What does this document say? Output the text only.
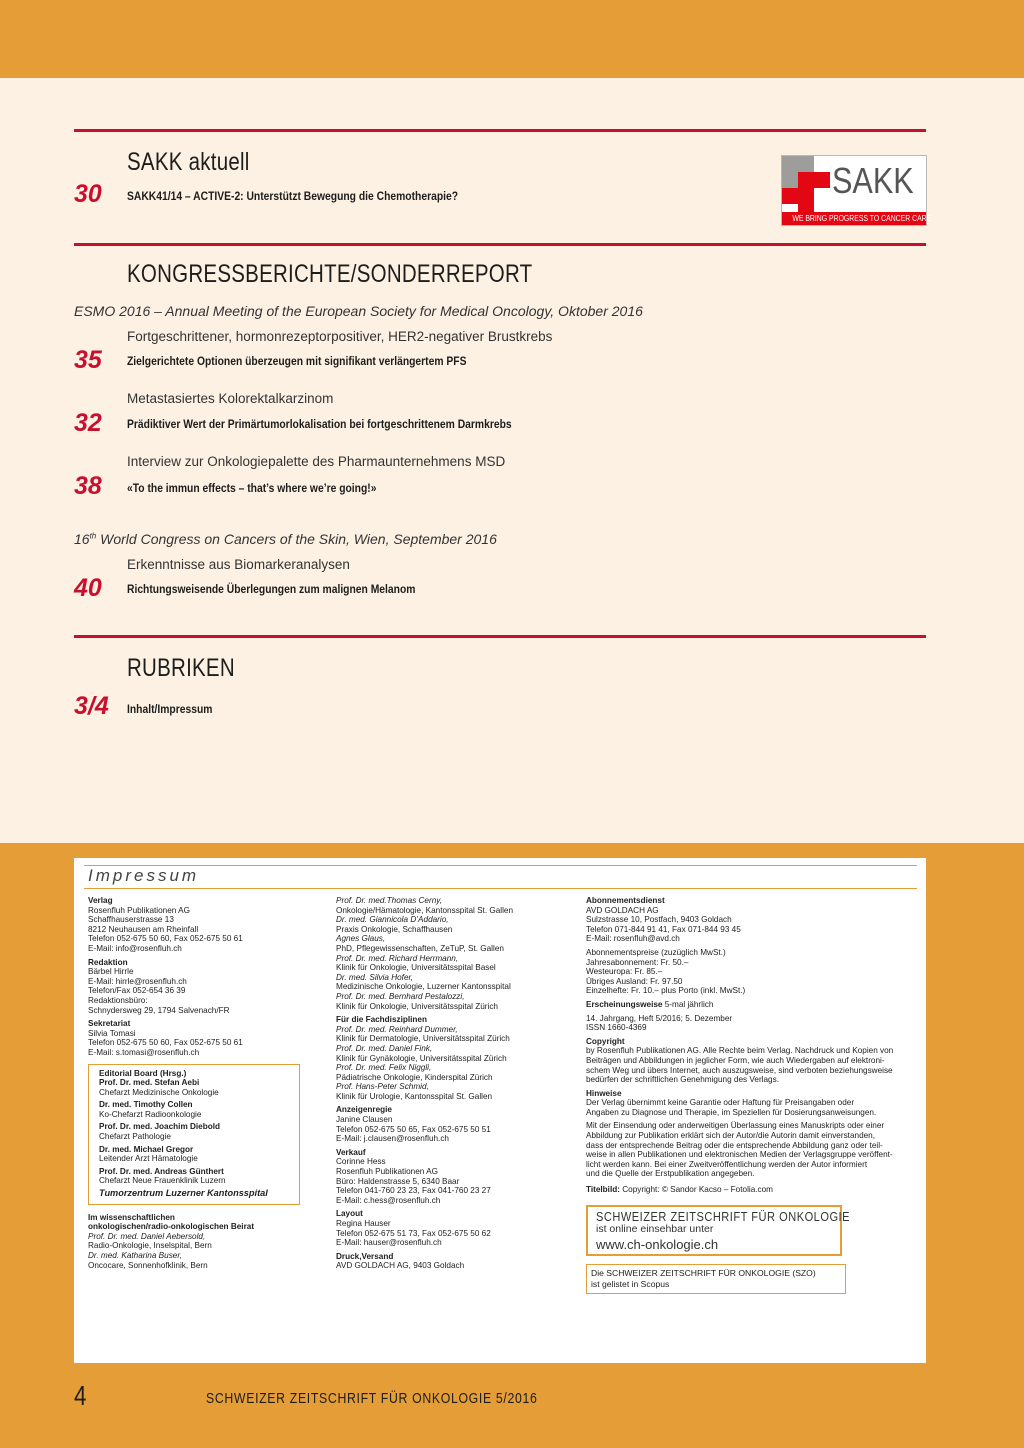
SAKK aktuell
30 SAKK41/14 – ACTIVE-2: Unterstützt Bewegung die Chemotherapie?	SAKK
WE BRING PROGRESS TO CANCER CARE
KONGRESSBERICHTE/SONDERREPORT
ESMO 2016 – Annual Meeting of the European Society for Medical Oncology, Oktober 2016
Fortgeschrittener, hormonrezeptorpositiver, HER2-negativer Brustkrebs
35 Zielgerichtete Optionen überzeugen mit signifikant verlängertem PFS
Metastasiertes Kolorektalkarzinom
32 Prädiktiver Wert der Primärtumorlokalisation bei fortgeschrittenem Darmkrebs
Interview zur Onkologiepalette des Pharmaunternehmens MSD
38 «To the immun effects – that’s where we’re going!»
16th World Congress on Cancers of the Skin, Wien, September 2016
Erkenntnisse aus Biomarkeranalysen
40 Richtungsweisende Überlegungen zum malignen Melanom
RUBRIKEN
3/4 Inhalt/Impressum
Impressum
Verlag
Rosenfluh Publikationen AG
Schaffhauserstrasse 13
8212 Neuhausen am Rheinfall
Telefon 052-675 50 60, Fax 052-675 50 61
E-Mail: info@rosenfluh.ch
Redaktion
Bärbel Hirrle
E-Mail: hirrle@rosenfluh.ch
Telefon/Fax 052-654 36 39
Redaktionsbüro:
Schnydersweg 29, 1794 Salvenach/FR
Sekretariat
Silvia Tomasi
Telefon 052-675 50 60, Fax 052-675 50 61
E-Mail: s.tomasi@rosenfluh.ch
Editorial Board (Hrsg.)
Prof. Dr. med. Stefan Aebi
Chefarzt Medizinische Onkologie
Dr. med. Timothy Collen
Ko-Chefarzt Radioonkologie
Prof. Dr. med. Joachim Diebold
Chefarzt Pathologie
Dr. med. Michael Gregor
Leitender Arzt Hämatologie
Prof. Dr. med. Andreas Günthert
Chefarzt Neue Frauenklinik Luzern
Tumorzentrum Luzerner Kantonsspital
Im wissenschaftlichen
onkologischen/radio-onkologischen Beirat
Prof. Dr. med. Daniel Aebersold,
Radio-Onkologie, Inselspital, Bern
Dr. med. Katharina Buser,
Oncocare, Sonnenhofklinik, Bern
Prof. Dr. med.Thomas Cerny,
Onkologie/Hämatologie, Kantonsspital St. Gallen
Dr. med. Giannicola D’Addario,
Praxis Onkologie, Schaffhausen
Agnes Glaus,
PhD, Pflegewissenschaften, ZeTuP, St. Gallen
Prof. Dr. med. Richard Herrmann,
Klinik für Onkologie, Universitätsspital Basel
Dr. med. Silvia Hofer,
Medizinische Onkologie, Luzerner Kantonsspital
Prof. Dr. med. Bernhard Pestalozzi,
Klinik für Onkologie, Universitätsspital Zürich
Für die Fachdisziplinen
Prof. Dr. med. Reinhard Dummer,
Klinik für Dermatologie, Universitätsspital Zürich
Prof. Dr. med. Daniel Fink,
Klinik für Gynäkologie, Universitätsspital Zürich
Prof. Dr. med. Felix Niggli,
Pädiatrische Onkologie, Kinderspital Zürich
Prof. Hans-Peter Schmid,
Klinik für Urologie, Kantonsspital St. Gallen
Anzeigenregie
Janine Clausen
Telefon 052-675 50 65, Fax 052-675 50 51
E-Mail: j.clausen@rosenfluh.ch
Verkauf
Corinne Hess
Rosenfluh Publikationen AG
Büro: Haldenstrasse 5, 6340 Baar
Telefon 041-760 23 23, Fax 041-760 23 27
E-Mail: c.hess@rosenfluh.ch
Layout
Regina Hauser
Telefon 052-675 51 73, Fax 052-675 50 62
E-Mail: hauser@rosenfluh.ch
Druck,Versand
AVD GOLDACH AG, 9403 Goldach
Abonnementsdienst
AVD GOLDACH AG
Sulzstrasse 10, Postfach, 9403 Goldach
Telefon 071-844 91 41, Fax 071-844 93 45
E-Mail: rosenfluh@avd.ch
Abonnementspreise (zuzüglich MwSt.)
Jahresabonnement: Fr. 50.–
Westeuropa: Fr. 85.–
Übriges Ausland: Fr. 97.50
Einzelhefte: Fr. 10.– plus Porto (inkl. MwSt.)
Erscheinungsweise 5-mal jährlich
14. Jahrgang, Heft 5/2016; 5. Dezember
ISSN 1660-4369
Copyright
by Rosenfluh Publikationen AG. Alle Rechte beim Verlag. Nachdruck und Kopien von
Beiträgen und Abbildungen in jeglicher Form, wie auch Wiedergaben auf elektroni-
schem Weg und übers Internet, auch auszugsweise, sind verboten beziehungsweise
bedürfen der schriftlichen Genehmigung des Verlags.
Hinweise
Der Verlag übernimmt keine Garantie oder Haftung für Preisangaben oder
Angaben zu Diagnose und Therapie, im Speziellen für Dosierungsanweisungen.
Mit der Einsendung oder anderweitigen Überlassung eines Manuskripts oder einer
Abbildung zur Publikation erklärt sich der Autor/die Autorin damit einverstanden,
dass der entsprechende Beitrag oder die entsprechende Abbildung ganz oder teil-
weise in allen Publikationen und elektronischen Medien der Verlagsgruppe veröffent-
licht werden kann. Bei einer Zweitveröffentlichung werden der Autor informiert
und die Quelle der Erstpublikation angegeben.
Titelbild: Copyright: © Sandor Kacso – Fotolia.com
SCHWEIZER ZEITSCHRIFT FÜR ONKOLOGIE
ist online einsehbar unter
www.ch-onkologie.ch
Die SCHWEIZER ZEITSCHRIFT FÜR ONKOLOGIE (SZO)
ist gelistet in Scopus
4	SCHWEIZER ZEITSCHRIFT FÜR ONKOLOGIE 5/2016
